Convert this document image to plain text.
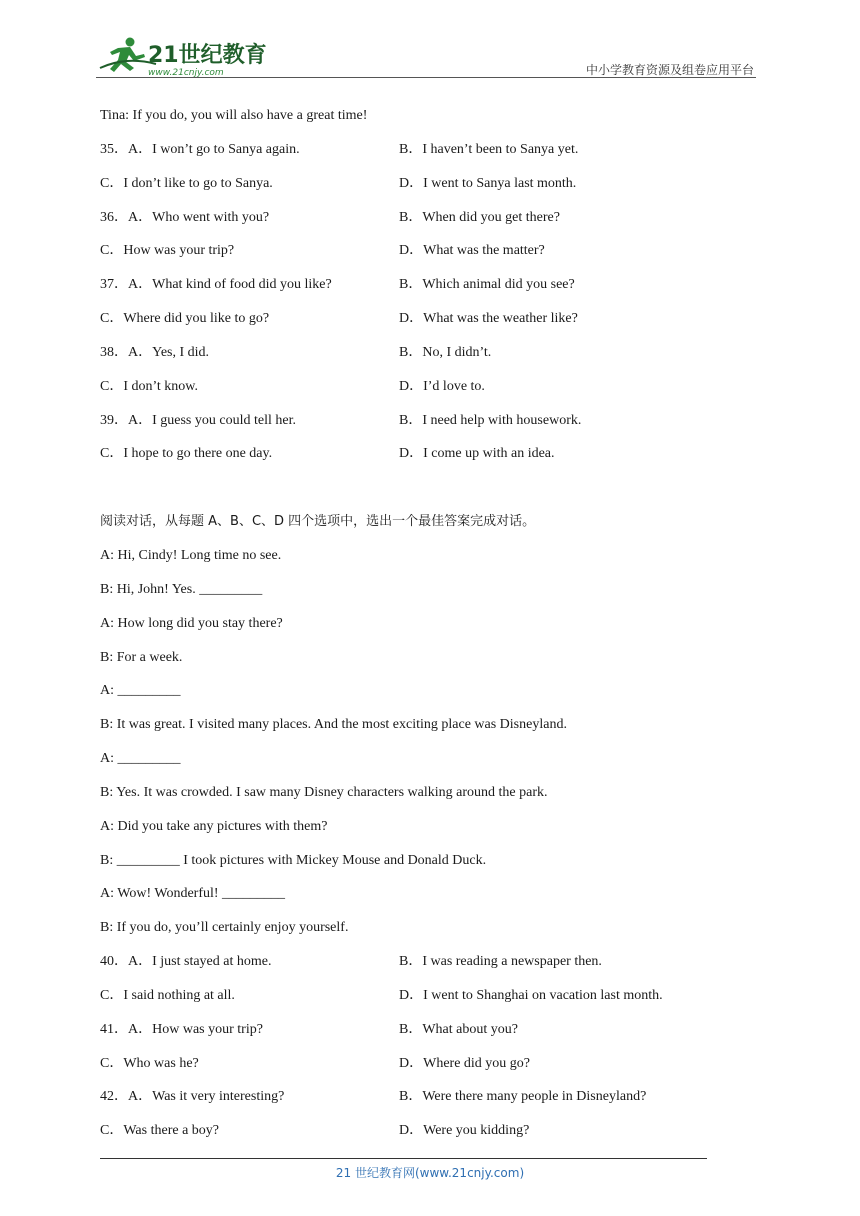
21世纪教育
www.21cnjy.com	中小学教育资源及组卷应用平台
Tina: If you do, you will also have a great time!
35．A．I won’t go to Sanya again.	B．I haven’t been to Sanya yet.
C．I don’t like to go to Sanya.	D．I went to Sanya last month.
36．A．Who went with you?	B．When did you get there?
C．How was your trip?	D．What was the matter?
37．A．What kind of food did you like?	B．Which animal did you see?
C．Where did you like to go?	D．What was the weather like?
38．A．Yes, I did.	B．No, I didn’t.
C．I don’t know.	D．I’d love to.
39．A．I guess you could tell her.	B．I need help with housework.
C．I hope to go there one day.	D．I come up with an idea.
阅读对话，从每题 A、B、C、D 四个选项中，选出一个最佳答案完成对话。
A: Hi, Cindy! Long time no see.
B: Hi, John! Yes. _________
A: How long did you stay there?
B: For a week.
A: _________
B: It was great. I visited many places. And the most exciting place was Disneyland.
A: _________
B: Yes. It was crowded. I saw many Disney characters walking around the park.
A: Did you take any pictures with them?
B: _________ I took pictures with Mickey Mouse and Donald Duck.
A: Wow! Wonderful! _________
B: If you do, you’ll certainly enjoy yourself.
40．A．I just stayed at home.	B．I was reading a newspaper then.
C．I said nothing at all.	D．I went to Shanghai on vacation last month.
41．A．How was your trip?	B．What about you?
C．Who was he?	D．Where did you go?
42．A．Was it very interesting?	B．Were there many people in Disneyland?
C．Was there a boy?	D．Were you kidding?
21 世纪教育网(www.21cnjy.com)
